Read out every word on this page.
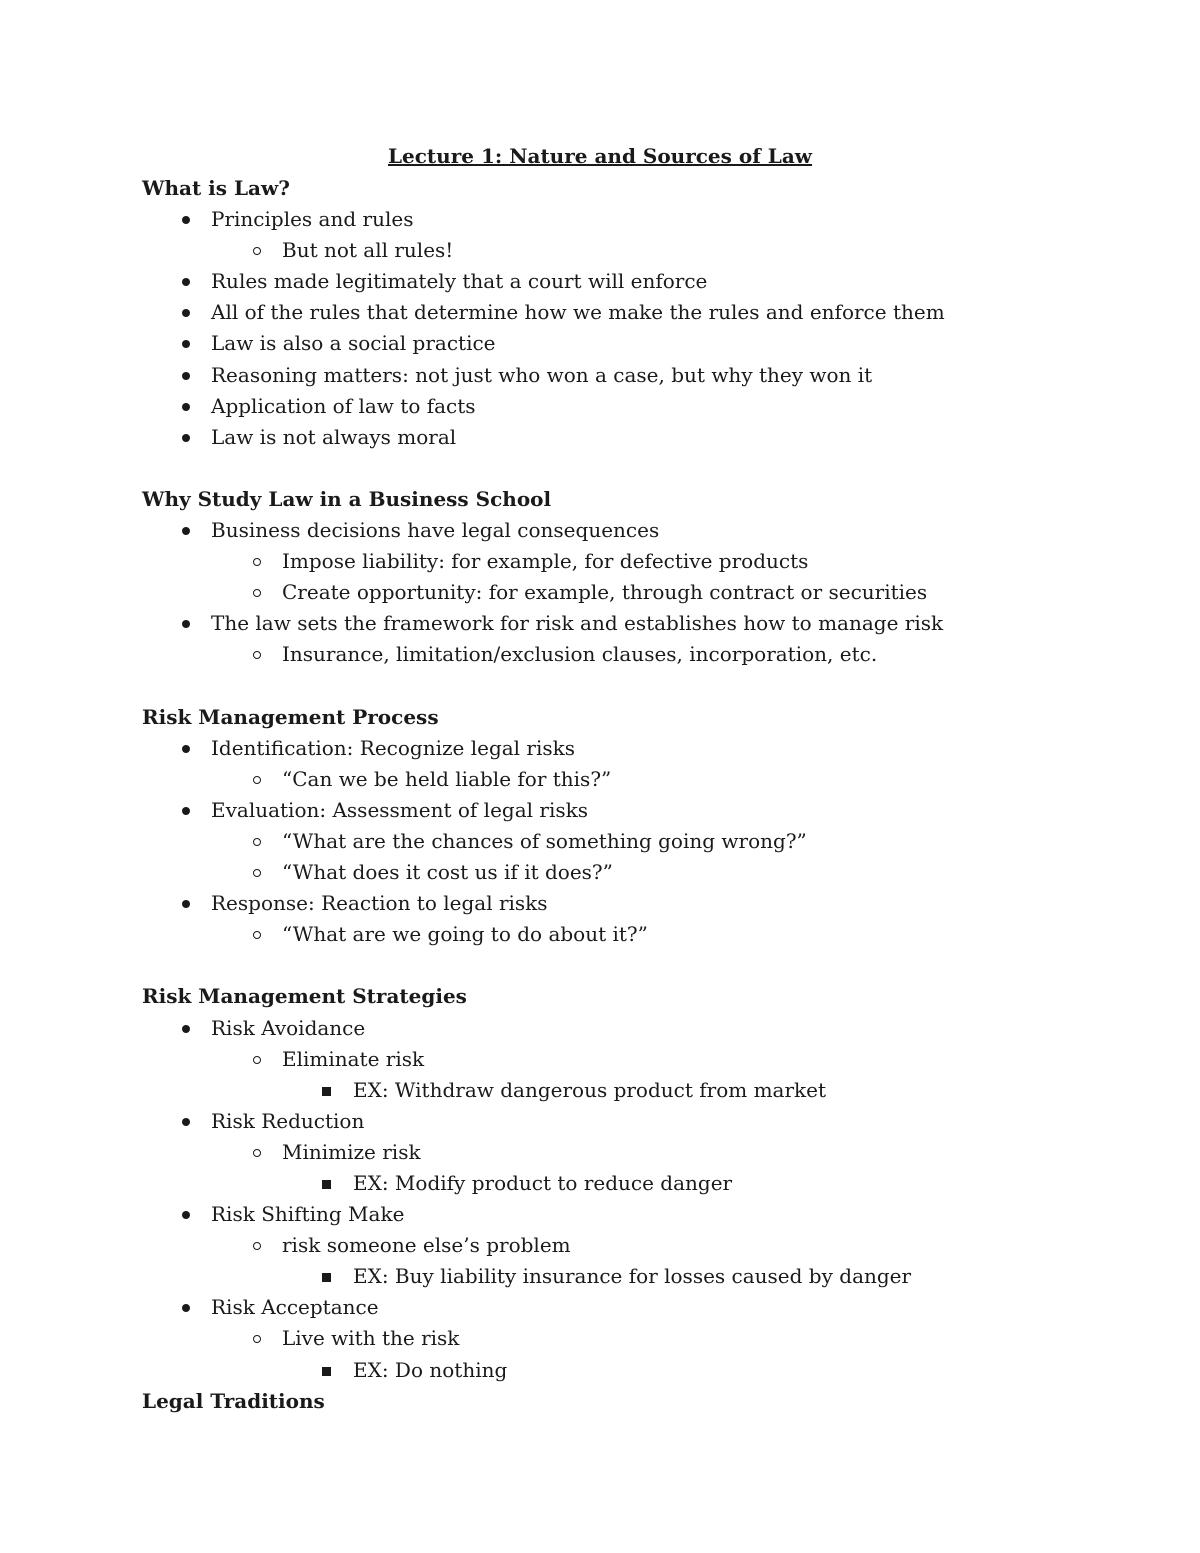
Lecture 1: Nature and Sources of Law
What is Law?
Principles and rules
But not all rules!
Rules made legitimately that a court will enforce
All of the rules that determine how we make the rules and enforce them
Law is also a social practice
Reasoning matters: not just who won a case, but why they won it
Application of law to facts
Law is not always moral
Why Study Law in a Business School
Business decisions have legal consequences
Impose liability: for example, for defective products
Create opportunity: for example, through contract or securities
The law sets the framework for risk and establishes how to manage risk
Insurance, limitation/exclusion clauses, incorporation, etc.
Risk Management Process
Identification: Recognize legal risks
“Can we be held liable for this?”
Evaluation: Assessment of legal risks
“What are the chances of something going wrong?”
“What does it cost us if it does?”
Response: Reaction to legal risks
“What are we going to do about it?”
Risk Management Strategies
Risk Avoidance
Eliminate risk
EX: Withdraw dangerous product from market
Risk Reduction
Minimize risk
EX: Modify product to reduce danger
Risk Shifting Make
risk someone else’s problem
EX: Buy liability insurance for losses caused by danger
Risk Acceptance
Live with the risk
EX: Do nothing
Legal Traditions
